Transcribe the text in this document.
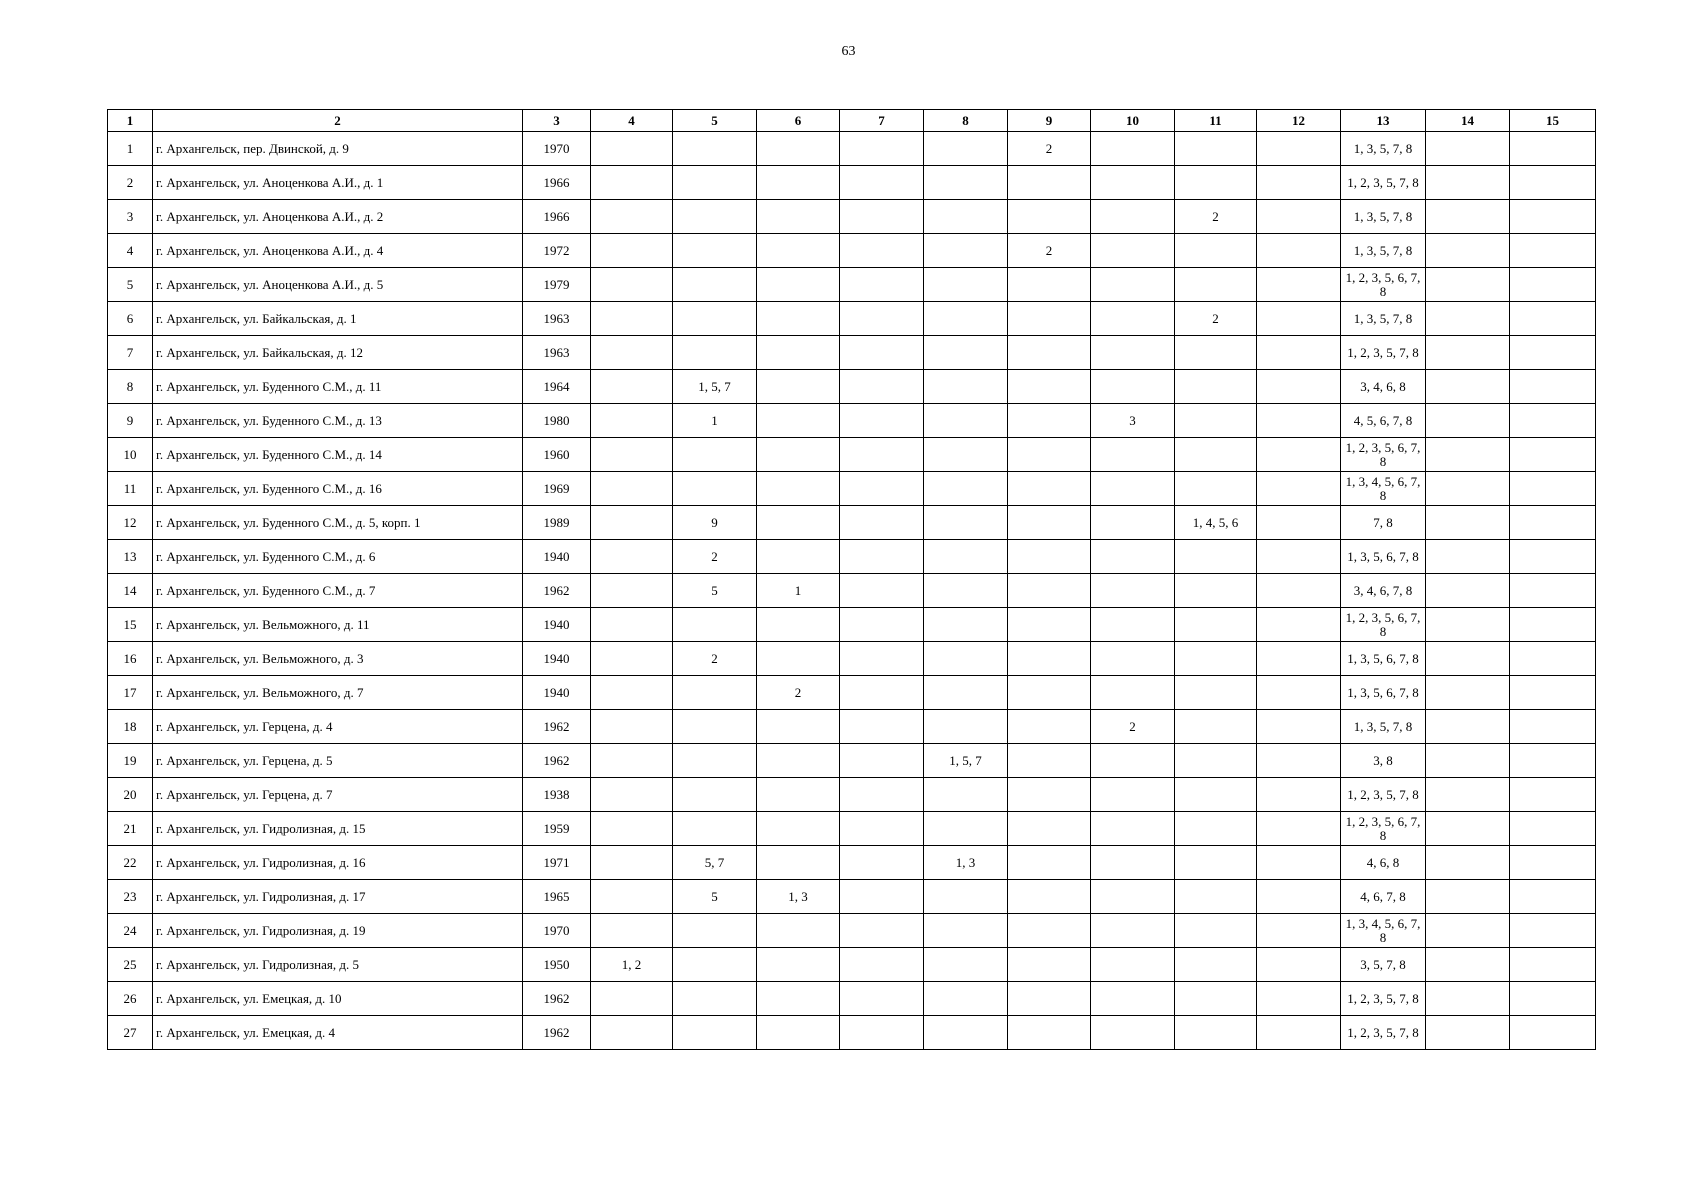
63
1	2	3	4	5	6	7	8	9	10	11	12	13	14	15
1	г. Архангельск, пер. Двинской, д. 9	1970						2				1, 3, 5, 7, 8		
2	г. Архангельск, ул. Аноценкова А.И., д. 1	1966										1, 2, 3, 5, 7, 8		
3	г. Архангельск, ул. Аноценкова А.И., д. 2	1966								2		1, 3, 5, 7, 8		
4	г. Архангельск, ул. Аноценкова А.И., д. 4	1972						2				1, 3, 5, 7, 8		
5	г. Архангельск, ул. Аноценкова А.И., д. 5	1979										1, 2, 3, 5, 6, 7, 8		
6	г. Архангельск, ул. Байкальская, д. 1	1963								2		1, 3, 5, 7, 8		
7	г. Архангельск, ул. Байкальская, д. 12	1963										1, 2, 3, 5, 7, 8		
8	г. Архангельск, ул. Буденного С.М., д. 11	1964		1, 5, 7								3, 4, 6, 8		
9	г. Архангельск, ул. Буденного С.М., д. 13	1980		1					3			4, 5, 6, 7, 8		
10	г. Архангельск, ул. Буденного С.М., д. 14	1960										1, 2, 3, 5, 6, 7, 8		
11	г. Архангельск, ул. Буденного С.М., д. 16	1969										1, 3, 4, 5, 6, 7, 8		
12	г. Архангельск, ул. Буденного С.М., д. 5, корп. 1	1989		9						1, 4, 5, 6		7, 8		
13	г. Архангельск, ул. Буденного С.М., д. 6	1940		2								1, 3, 5, 6, 7, 8		
14	г. Архангельск, ул. Буденного С.М., д. 7	1962		5	1							3, 4, 6, 7, 8		
15	г. Архангельск, ул. Вельможного, д. 11	1940										1, 2, 3, 5, 6, 7, 8		
16	г. Архангельск, ул. Вельможного, д. 3	1940		2								1, 3, 5, 6, 7, 8		
17	г. Архангельск, ул. Вельможного, д. 7	1940			2							1, 3, 5, 6, 7, 8		
18	г. Архангельск, ул. Герцена, д. 4	1962							2			1, 3, 5, 7, 8		
19	г. Архангельск, ул. Герцена, д. 5	1962					1, 5, 7					3, 8		
20	г. Архангельск, ул. Герцена, д. 7	1938										1, 2, 3, 5, 7, 8		
21	г. Архангельск, ул. Гидролизная, д. 15	1959										1, 2, 3, 5, 6, 7, 8		
22	г. Архангельск, ул. Гидролизная, д. 16	1971		5, 7			1, 3					4, 6, 8		
23	г. Архангельск, ул. Гидролизная, д. 17	1965		5	1, 3							4, 6, 7, 8		
24	г. Архангельск, ул. Гидролизная, д. 19	1970										1, 3, 4, 5, 6, 7, 8		
25	г. Архангельск, ул. Гидролизная, д. 5	1950	1, 2									3, 5, 7, 8		
26	г. Архангельск, ул. Емецкая, д. 10	1962										1, 2, 3, 5, 7, 8		
27	г. Архангельск, ул. Емецкая, д. 4	1962										1, 2, 3, 5, 7, 8		
